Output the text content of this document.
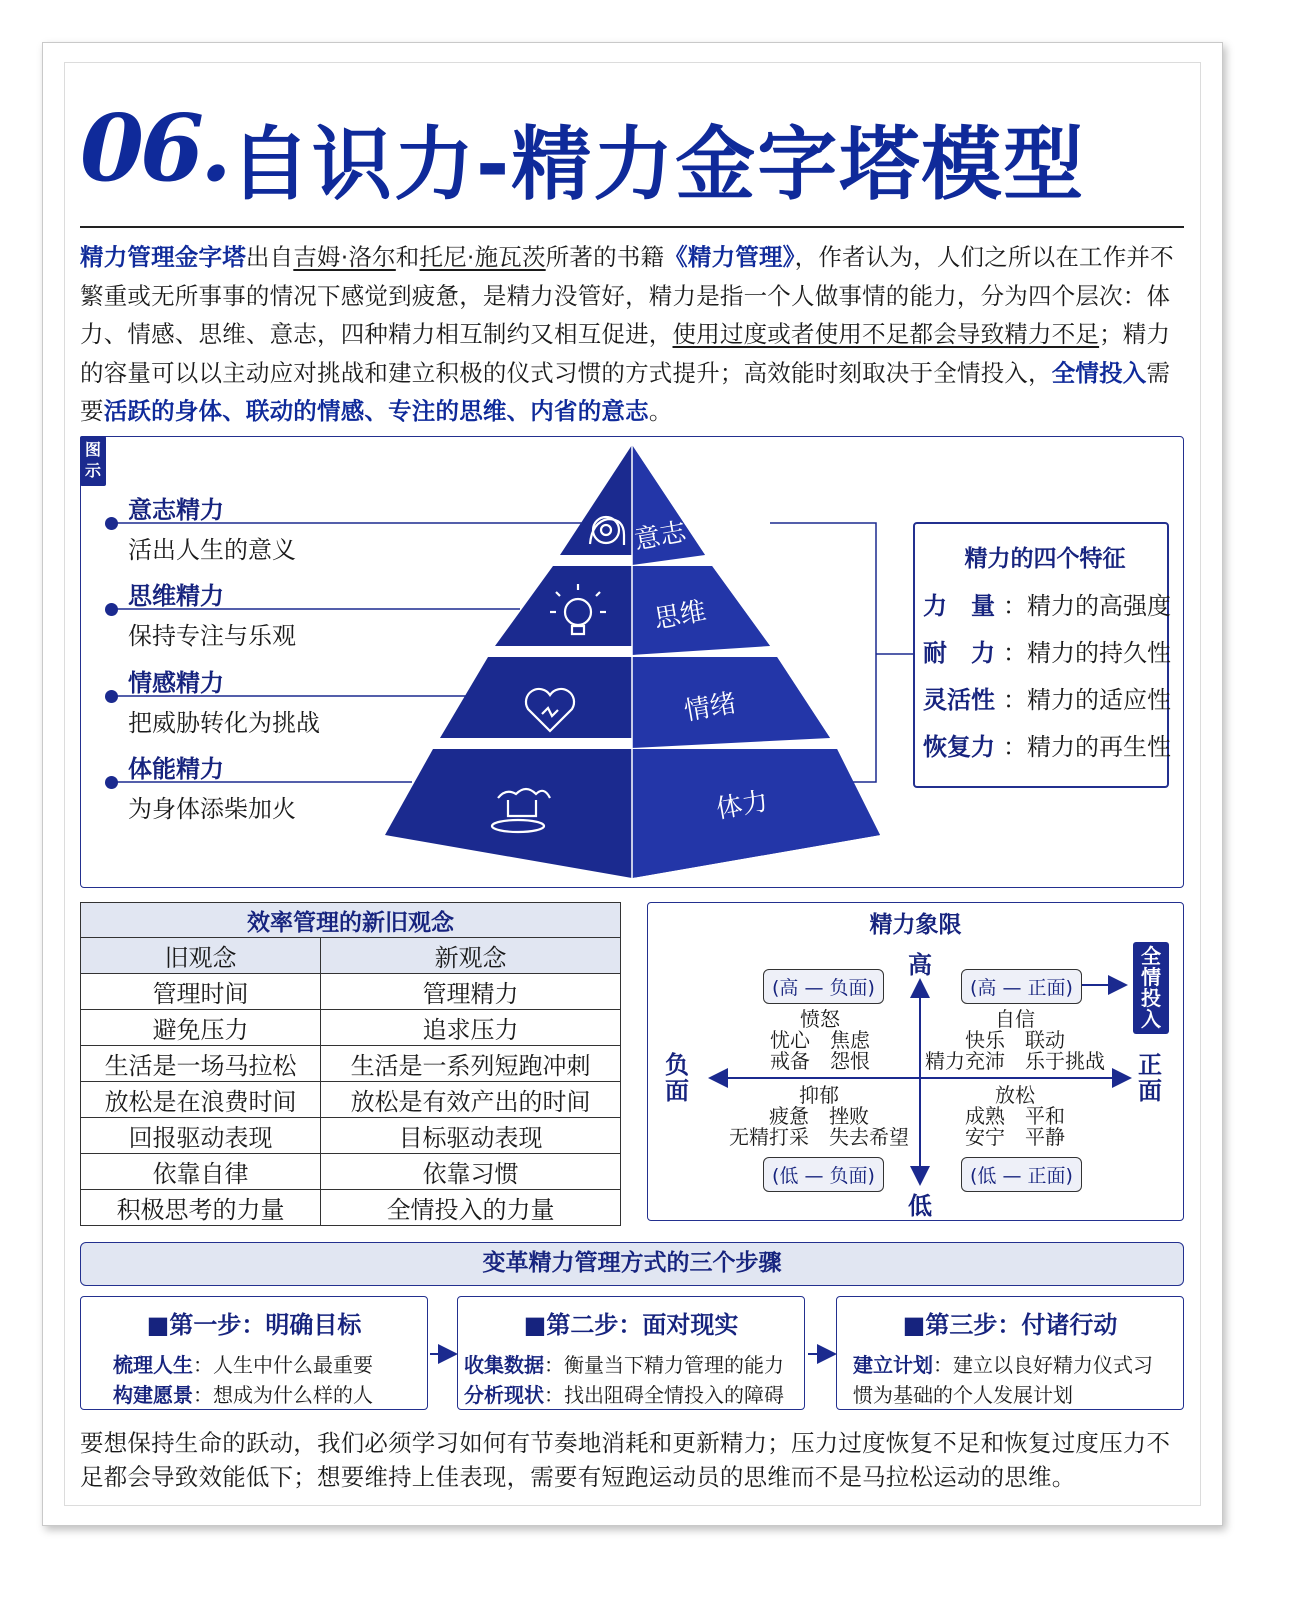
06. 自识力-精力金字塔模型
精力管理金字塔出自吉姆·洛尔和托尼·施瓦茨所著的书籍《精力管理》，作者认为，人们之所以在工作并不繁重或无所事事的情况下感觉到疲惫，是精力没管好，精力是指一个人做事情的能力，分为四个层次：体力、情感、思维、意志，四种精力相互制约又相互促进，使用过度或者使用不足都会导致精力不足；精力的容量可以以主动应对挑战和建立积极的仪式习惯的方式提升；高效能时刻取决于全情投入，全情投入需要活跃的身体、联动的情感、专注的思维、内省的意志。
图示
意志
思维
情绪
体力
意志精力
活出人生的意义
思维精力
保持专注与乐观
情感精力
把威胁转化为挑战
体能精力
为身体添柴加火
精力的四个特征
力　量 ：精力的高强度
耐　力 ：精力的持久性
灵活性 ：精力的适应性
恢复力 ：精力的再生性
效率管理的新旧观念	
旧观念	新观念
管理时间	管理精力
避免压力	追求压力
生活是一场马拉松	生活是一系列短跑冲刺
放松是在浪费时间	放松是有效产出的时间
回报驱动表现	目标驱动表现
依靠自律	依靠习惯
积极思考的力量	全情投入的力量
精力象限
高
低
负面
正面
全情投入
(高 — 负面)	(高 — 正面)
(低 — 负面)	(低 — 正面)
愤怒
忧心　焦虑
戒备　怨恨
自信
快乐　联动
精力充沛　乐于挑战
抑郁
疲惫　挫败
无精打采　失去希望
放松
成熟　平和
安宁　平静
变革精力管理方式的三个步骤
■第一步：明确目标
梳理人生：人生中什么最重要
构建愿景：想成为什么样的人
■第二步：面对现实
收集数据：衡量当下精力管理的能力
分析现状：找出阻碍全情投入的障碍
■第三步：付诸行动
建立计划：建立以良好精力仪式习
惯为基础的个人发展计划
要想保持生命的跃动，我们必须学习如何有节奏地消耗和更新精力；压力过度恢复不足和恢复过度压力不足都会导致效能低下；想要维持上佳表现，需要有短跑运动员的思维而不是马拉松运动的思维。
